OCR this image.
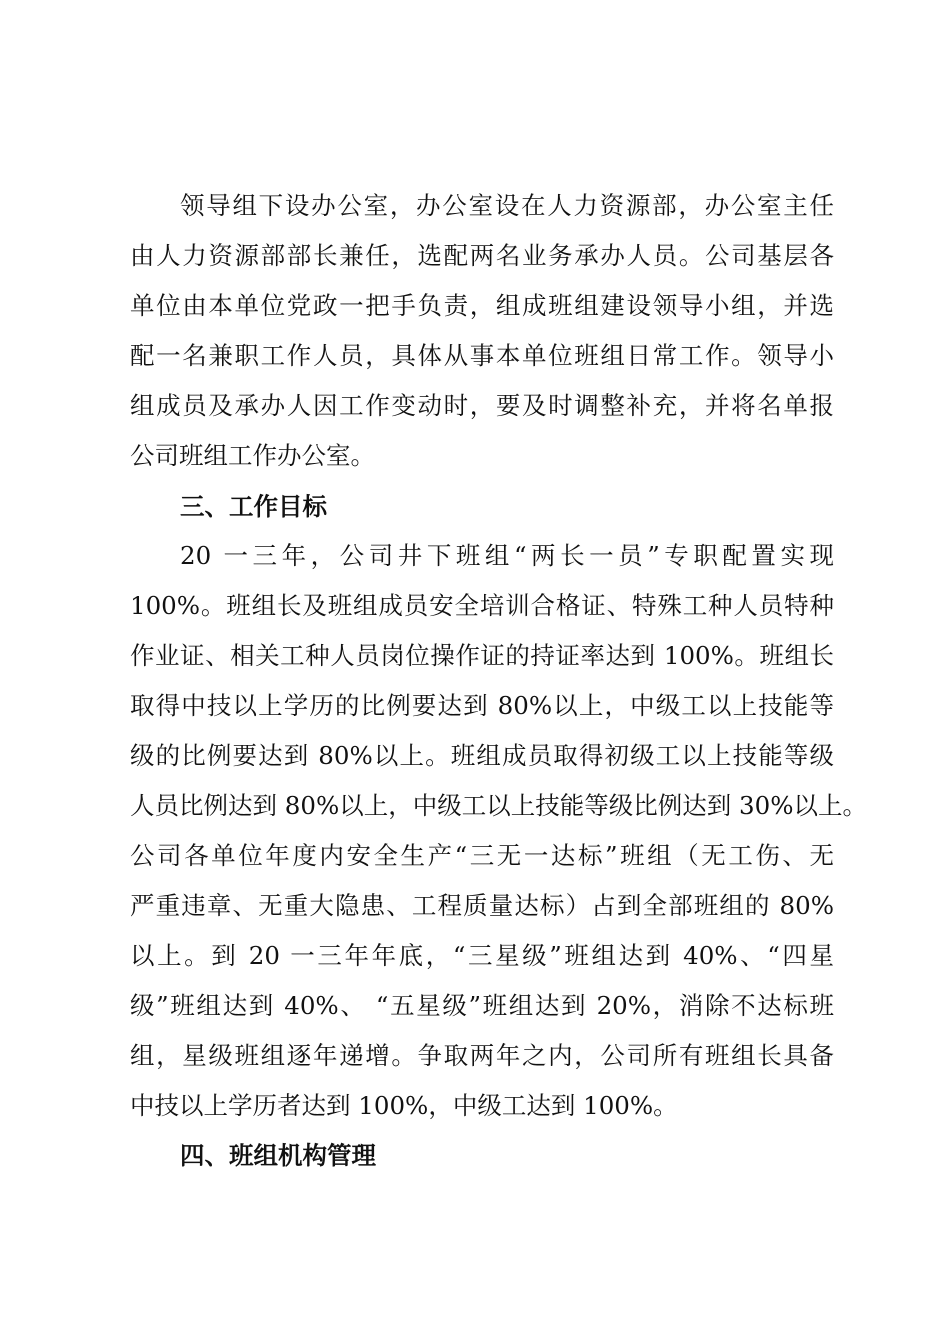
领导组下设办公室，办公室设在人力资源部，办公室主任
由人力资源部部长兼任，选配两名业务承办人员。公司基层各
单位由本单位党政一把手负责，组成班组建设领导小组，并选
配一名兼职工作人员，具体从事本单位班组日常工作。领导小
组成员及承办人因工作变动时，要及时调整补充，并将名单报
公司班组工作办公室。
三、工作目标
20 一三年，公司井下班组“两长一员”专职配置实现
100%。班组长及班组成员安全培训合格证、特殊工种人员特种
作业证、相关工种人员岗位操作证的持证率达到 100%。班组长
取得中技以上学历的比例要达到 80%以上，中级工以上技能等
级的比例要达到 80%以上。班组成员取得初级工以上技能等级
人员比例达到 80%以上，中级工以上技能等级比例达到 30%以上。
公司各单位年度内安全生产“三无一达标”班组（无工伤、无
严重违章、无重大隐患、工程质量达标）占到全部班组的 80%
以上。到 20 一三年年底，“三星级”班组达到 40%、“四星
级”班组达到 40%、 “五星级”班组达到 20%，消除不达标班
组，星级班组逐年递增。争取两年之内，公司所有班组长具备
中技以上学历者达到 100%，中级工达到 100%。
四、班组机构管理
